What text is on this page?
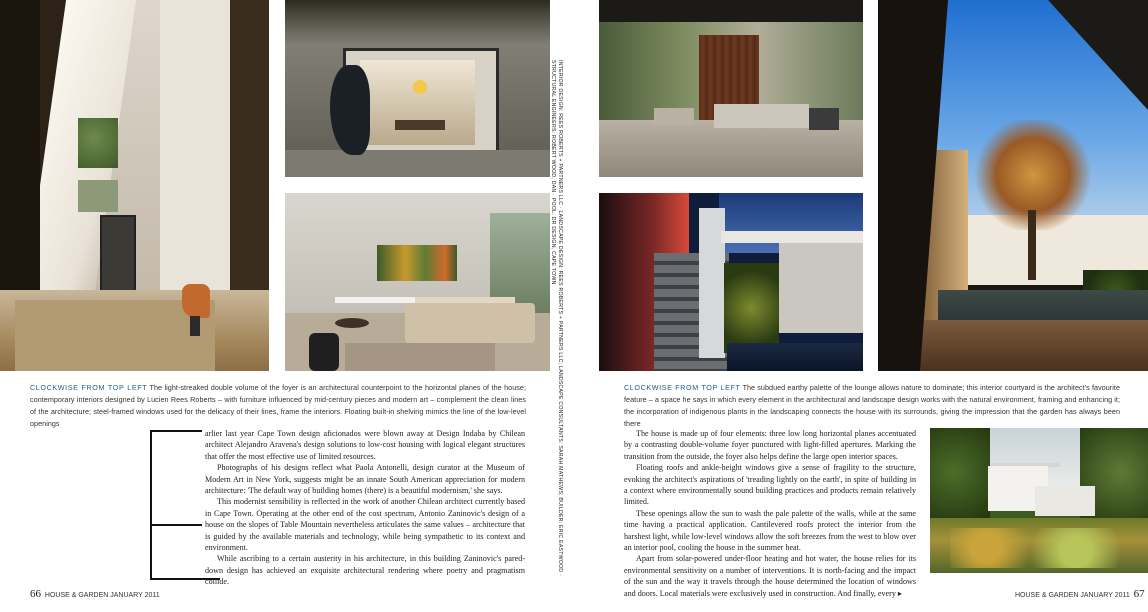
INTERIOR DESIGN: REES ROBERTS + PARTNERS LLC · LANDSCAPE DESIGN: REES ROBERTS + PARTNERS LLC; LANDSCAPE CONSULTANTS: SARAH MATHEWS; BUILDER: ERIC EASTWOOD · STRUCTURAL ENGINEERS: ROBERT WOOD, DAN · POOL: DR DESIGN, CAPE TOWN
CLOCKWISE FROM TOP LEFT The light-streaked double volume of the foyer is an architectural counterpoint to the horizontal planes of the house; contemporary interiors designed by Lucien Rees Roberts – with furniture influenced by mid-century pieces and modern art – complement the clean lines of the architecture; steel-framed windows used for the delicacy of their lines, frame the interiors. Floating built-in shelving mimics the line of the low-level openings
CLOCKWISE FROM TOP LEFT The subdued earthy palette of the lounge allows nature to dominate; this interior courtyard is the architect's favourite feature – a space he says in which every element in the architectural and landscape design works with the natural environment, framing and enhancing it; the incorporation of indigenous plants in the landscaping connects the house with its surrounds, giving the impression that the garden has always been there

arlier last year Cape Town design aficionados were blown away at Design Indaba by Chilean architect Alejandro Aravena's design solutions to low-cost housing with logical elegant structures that offer the most effective use of limited resources.

Photographs of his designs reflect what Paola Antonelli, design curator at the Museum of Modern Art in New York, suggests might be an innate South American appreciation for modern architecture: 'The default way of building homes (there) is a beautiful modernism,' she says.

This modernist sensibility is reflected in the work of another Chilean architect currently based in Cape Town. Operating at the other end of the cost spectrum, Antonio Zaninovic's design of a house on the slopes of Table Mountain nevertheless articulates the same values – architecture that is guided by the available materials and technology, while being sympathetic to its context and environment.

While ascribing to a certain austerity in his architecture, in this building Zaninovic's pared-down design has achieved an exquisite architectural rendering where poetry and pragmatism collide.

The house is made up of four elements: three low long horizontal planes accentuated by a contrasting double-volume foyer punctured with light-filled apertures. Marking the transition from the outside, the foyer also helps define the large open interior spaces.

Floating roofs and ankle-height windows give a sense of fragility to the structure, evoking the architect's aspirations of 'treading lightly on the earth', in spite of building in a context where environmentally sound building practices and products remain relatively limited.

These openings allow the sun to wash the pale palette of the walls, while at the same time having a practical application. Cantilevered roofs protect the interior from the harshest light, while low-level windows allow the soft breezes from the west to blow over an interior pool, cooling the house in the summer heat.

Apart from solar-powered under-floor heating and hot water, the house relies for its environmental sensitivity on a number of interventions. It is north-facing and the impact of the sun and the way it travels through the house determined the location of windows and doors. Local materials were exclusively used in construction. And finally, every ▸

66 HOUSE & GARDEN JANUARY 2011	HOUSE & GARDEN JANUARY 2011 67
